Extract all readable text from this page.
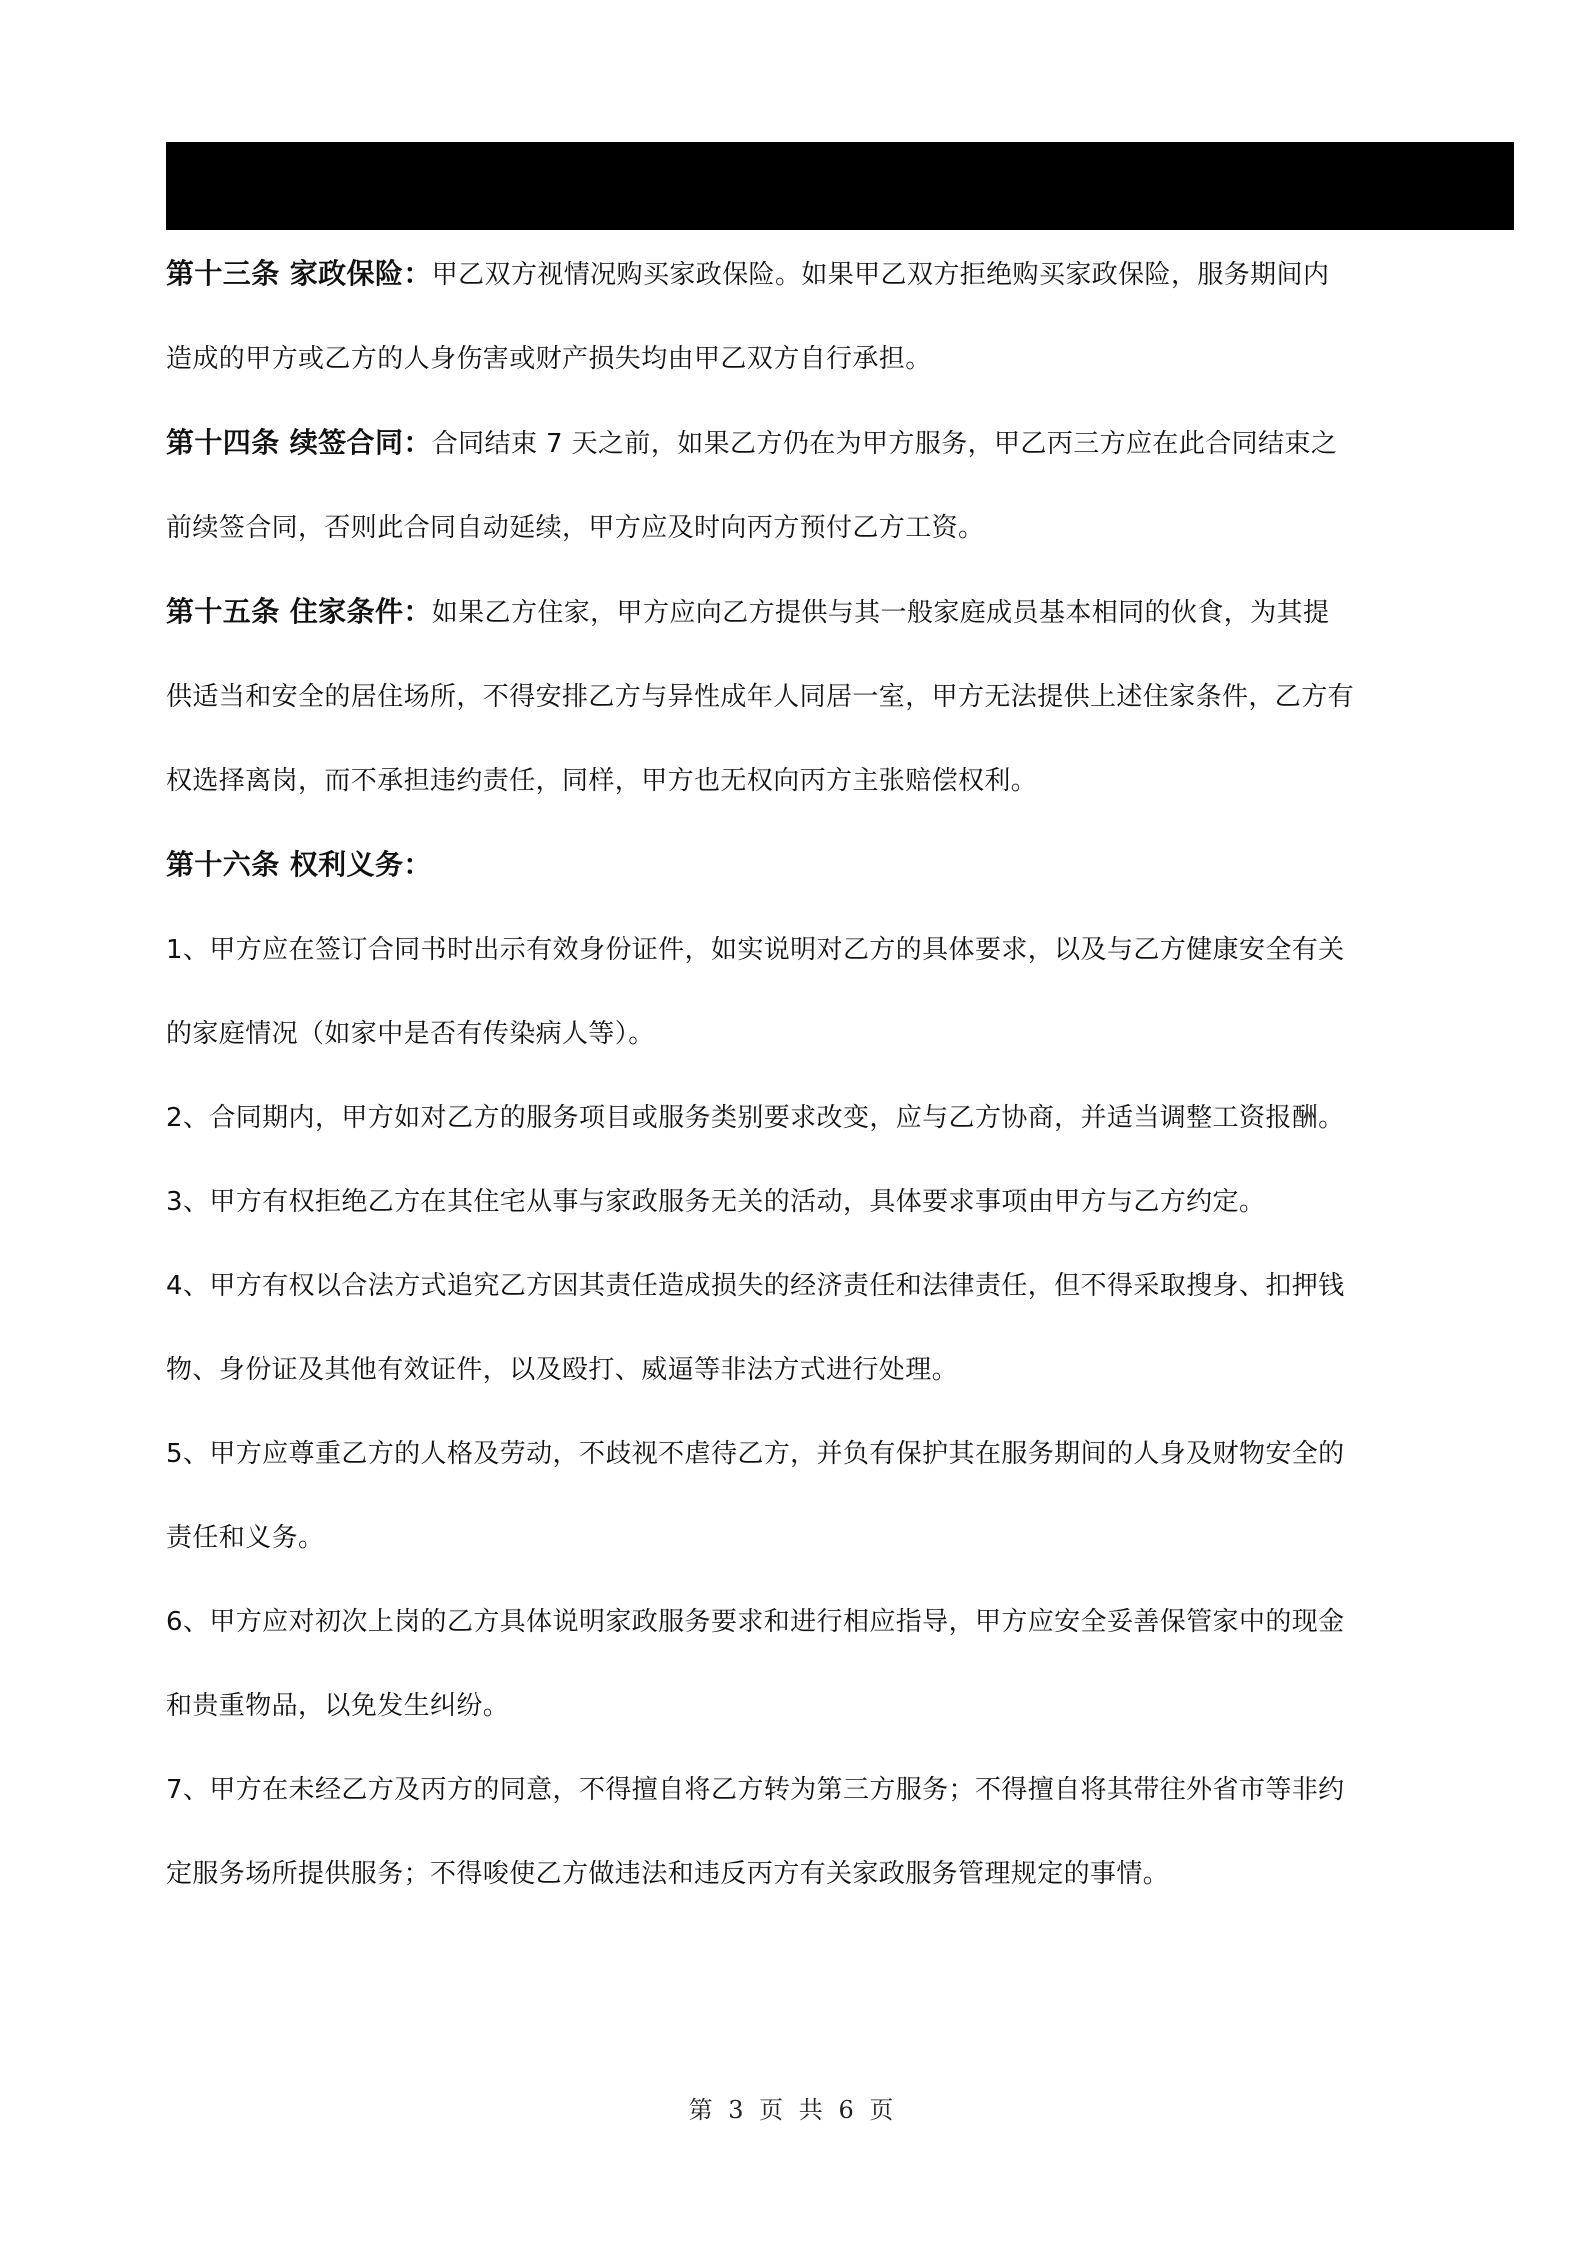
第十三条 家政保险：甲乙双方视情况购买家政保险。如果甲乙双方拒绝购买家政保险，服务期间内

造成的甲方或乙方的人身伤害或财产损失均由甲乙双方自行承担。

第十四条 续签合同：合同结束 7 天之前，如果乙方仍在为甲方服务，甲乙丙三方应在此合同结束之

前续签合同，否则此合同自动延续，甲方应及时向丙方预付乙方工资。

第十五条 住家条件：如果乙方住家，甲方应向乙方提供与其一般家庭成员基本相同的伙食，为其提

供适当和安全的居住场所，不得安排乙方与异性成年人同居一室，甲方无法提供上述住家条件，乙方有

权选择离岗，而不承担违约责任，同样，甲方也无权向丙方主张赔偿权利。

第十六条 权利义务：

1、甲方应在签订合同书时出示有效身份证件，如实说明对乙方的具体要求，以及与乙方健康安全有关

的家庭情况（如家中是否有传染病人等）。

2、合同期内，甲方如对乙方的服务项目或服务类别要求改变，应与乙方协商，并适当调整工资报酬。

3、甲方有权拒绝乙方在其住宅从事与家政服务无关的活动，具体要求事项由甲方与乙方约定。

4、甲方有权以合法方式追究乙方因其责任造成损失的经济责任和法律责任，但不得采取搜身、扣押钱

物、身份证及其他有效证件，以及殴打、威逼等非法方式进行处理。

5、甲方应尊重乙方的人格及劳动，不歧视不虐待乙方，并负有保护其在服务期间的人身及财物安全的

责任和义务。

6、甲方应对初次上岗的乙方具体说明家政服务要求和进行相应指导，甲方应安全妥善保管家中的现金

和贵重物品，以免发生纠纷。

7、甲方在未经乙方及丙方的同意，不得擅自将乙方转为第三方服务；不得擅自将其带往外省市等非约

定服务场所提供服务；不得唆使乙方做违法和违反丙方有关家政服务管理规定的事情。

第 3 页 共 6 页
